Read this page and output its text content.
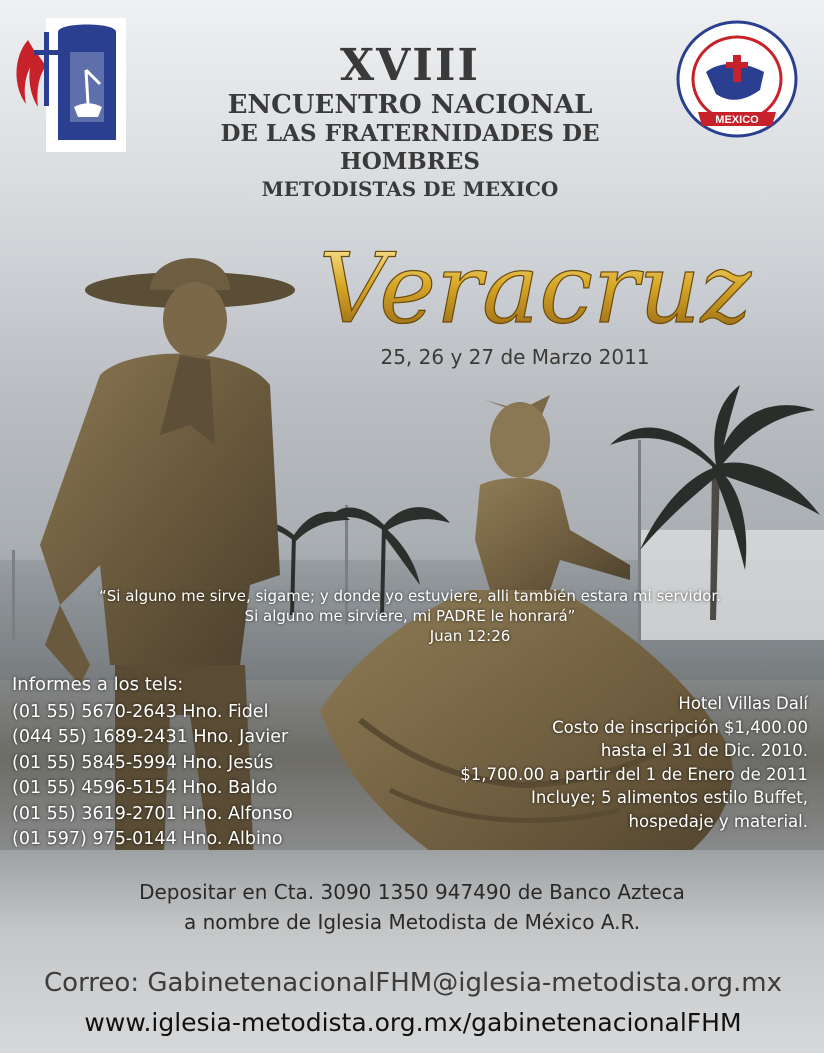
MEXICO
XVIII
ENCUENTRO NACIONAL
DE LAS FRATERNIDADES DE HOMBRES
METODISTAS DE MEXICO
Veracruz
25, 26 y 27 de Marzo 2011
“Si alguno me sirve, sigame; y donde yo estuviere, alli también estara mi servidor.
Si alguno me sirviere, mi PADRE le honrará”
Juan 12:26
Informes a los tels:
(01 55) 5670-2643 Hno. Fidel
(044 55) 1689-2431 Hno. Javier
(01 55) 5845-5994 Hno. Jesús
(01 55) 4596-5154 Hno. Baldo
(01 55) 3619-2701 Hno. Alfonso
(01 597) 975-0144 Hno. Albino
Hotel Villas Dalí
Costo de inscripción $1,400.00
hasta el 31 de Dic. 2010.
$1,700.00 a partir del 1 de Enero de 2011
Incluye; 5 alimentos estilo Buffet,
hospedaje y material.
Depositar en Cta. 3090 1350 947490 de Banco Azteca
a nombre de Iglesia Metodista de México A.R.
Correo: GabinetenacionalFHM@iglesia-metodista.org.mx
www.iglesia-metodista.org.mx/gabinetenacionalFHM
